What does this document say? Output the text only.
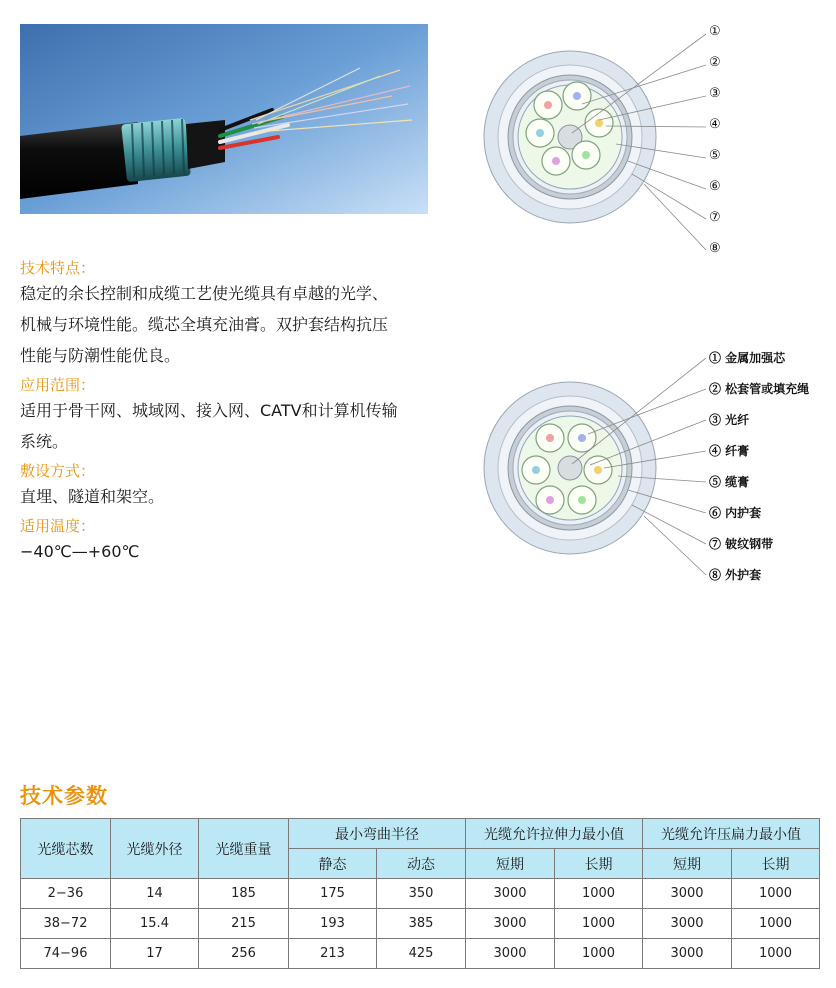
①
②
③
④
⑤
⑥
⑦
⑧
① 金属加强芯
② 松套管或填充绳
③ 光纤
④ 纤膏
⑤ 缆膏
⑥ 内护套
⑦ 铍纹钢带
⑧ 外护套

技术特点：

稳定的余长控制和成缆工艺使光缆具有卓越的光学、
机械与环境性能。缆芯全填充油膏。双护套结构抗压
性能与防潮性能优良。

应用范围：

适用于骨干网、城域网、接入网、CATV和计算机传输
系统。

敷设方式：

直埋、隧道和架空。

适用温度：

−40℃—+60℃

技术参数
光缆芯数	光缆外径	光缆重量	最小弯曲半径		光缆允许拉伸力最小值		光缆允许压扁力最小值	
			静态	动态	短期	长期	短期	长期
2−36	14	185	175	350	3000	1000	3000	1000
38−72	15.4	215	193	385	3000	1000	3000	1000
74−96	17	256	213	425	3000	1000	3000	1000
